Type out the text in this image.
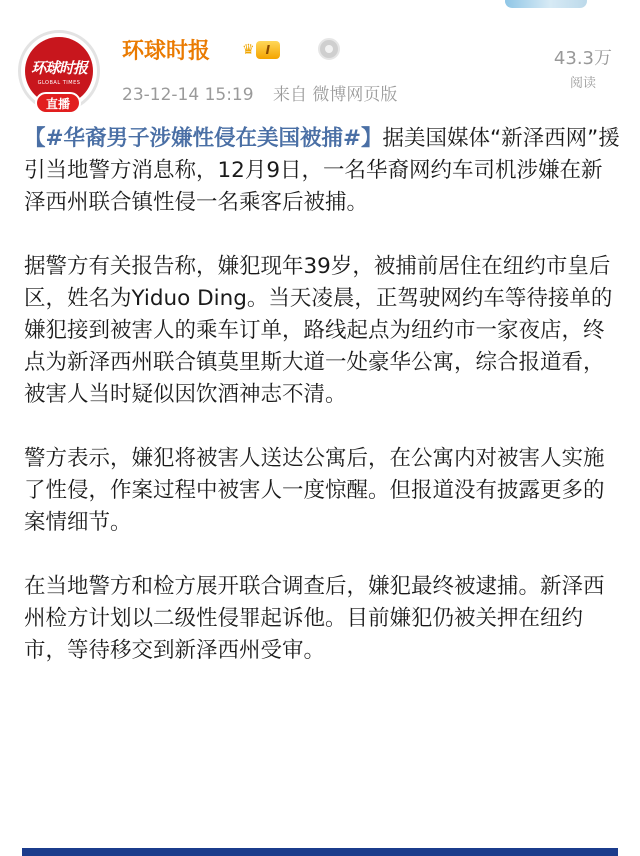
环球时报
GLOBAL TIMES
直播
环球时报 ♛ I
23-12-14 15:19 来自 微博网页版
43.3万
阅读

【#华裔男子涉嫌性侵在美国被捕#】据美国媒体“新泽西网”援引当地警方消息称，12月9日，一名华裔网约车司机涉嫌在新泽西州联合镇性侵一名乘客后被捕。

据警方有关报告称，嫌犯现年39岁，被捕前居住在纽约市皇后区，姓名为Yiduo Ding。当天凌晨，正驾驶网约车等待接单的嫌犯接到被害人的乘车订单，路线起点为纽约市一家夜店，终点为新泽西州联合镇莫里斯大道一处豪华公寓，综合报道看，被害人当时疑似因饮酒神志不清。

警方表示，嫌犯将被害人送达公寓后，在公寓内对被害人实施了性侵，作案过程中被害人一度惊醒。但报道没有披露更多的案情细节。

在当地警方和检方展开联合调查后，嫌犯最终被逮捕。新泽西州检方计划以二级性侵罪起诉他。目前嫌犯仍被关押在纽约市，等待移交到新泽西州受审。
